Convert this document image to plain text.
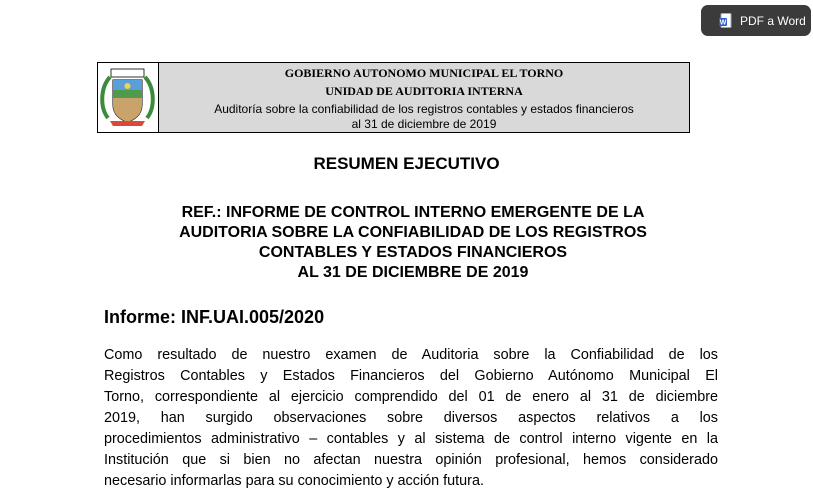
W PDF a Word
GOBIERNO AUTONOMO MUNICIPAL EL TORNO
UNIDAD DE AUDITORIA INTERNA
Auditoría sobre la confiabilidad de los registros contables y estados financieros
al 31 de diciembre de 2019
RESUMEN EJECUTIVO
REF.: INFORME DE CONTROL INTERNO EMERGENTE DE LA
AUDITORIA SOBRE LA CONFIABILIDAD DE LOS REGISTROS
CONTABLES Y ESTADOS FINANCIEROS
AL 31 DE DICIEMBRE DE 2019
Informe: INF.UAI.005/2020
Como resultado de nuestro examen de Auditoria sobre la Confiabilidad de los
Registros Contables y Estados Financieros del Gobierno Autónomo Municipal El
Torno, correspondiente al ejercicio comprendido del 01 de enero al 31 de diciembre
2019, han surgido observaciones sobre diversos aspectos relativos a los
procedimientos administrativo – contables y al sistema de control interno vigente en la
Institución que si bien no afectan nuestra opinión profesional, hemos considerado
necesario informarlas para su conocimiento y acción futura.
